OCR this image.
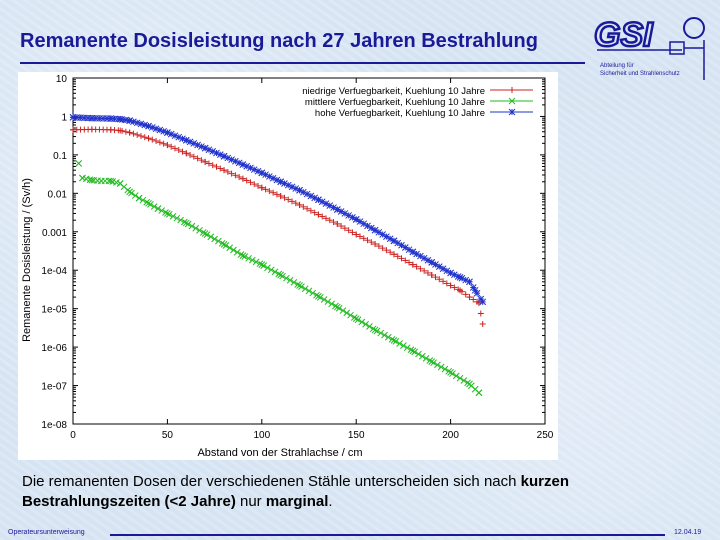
Remanente Dosisleistung nach 27 Jahren Bestrahlung GSI
Abteilung für
Sicherheit und Strahlenschutz
10
1
0.1
0.01
0.001
1e-04
1e-05
1e-06
1e-07
1e-08
0	50	100	150	200	250
niedrige Verfuegbarkeit, Kuehlung 10 Jahre
mittlere Verfuegbarkeit, Kuehlung 10 Jahre
hohe Verfuegbarkeit, Kuehlung 10 Jahre
Abstand von der Strahlachse / cm
Remanente Dosisleistung / (Sv/h)
Die remanenten Dosen der verschiedenen Stähle unterscheiden sich nach kurzen Bestrahlungszeiten (<2 Jahre) nur marginal.
Operateursunterweisung	12.04.19
